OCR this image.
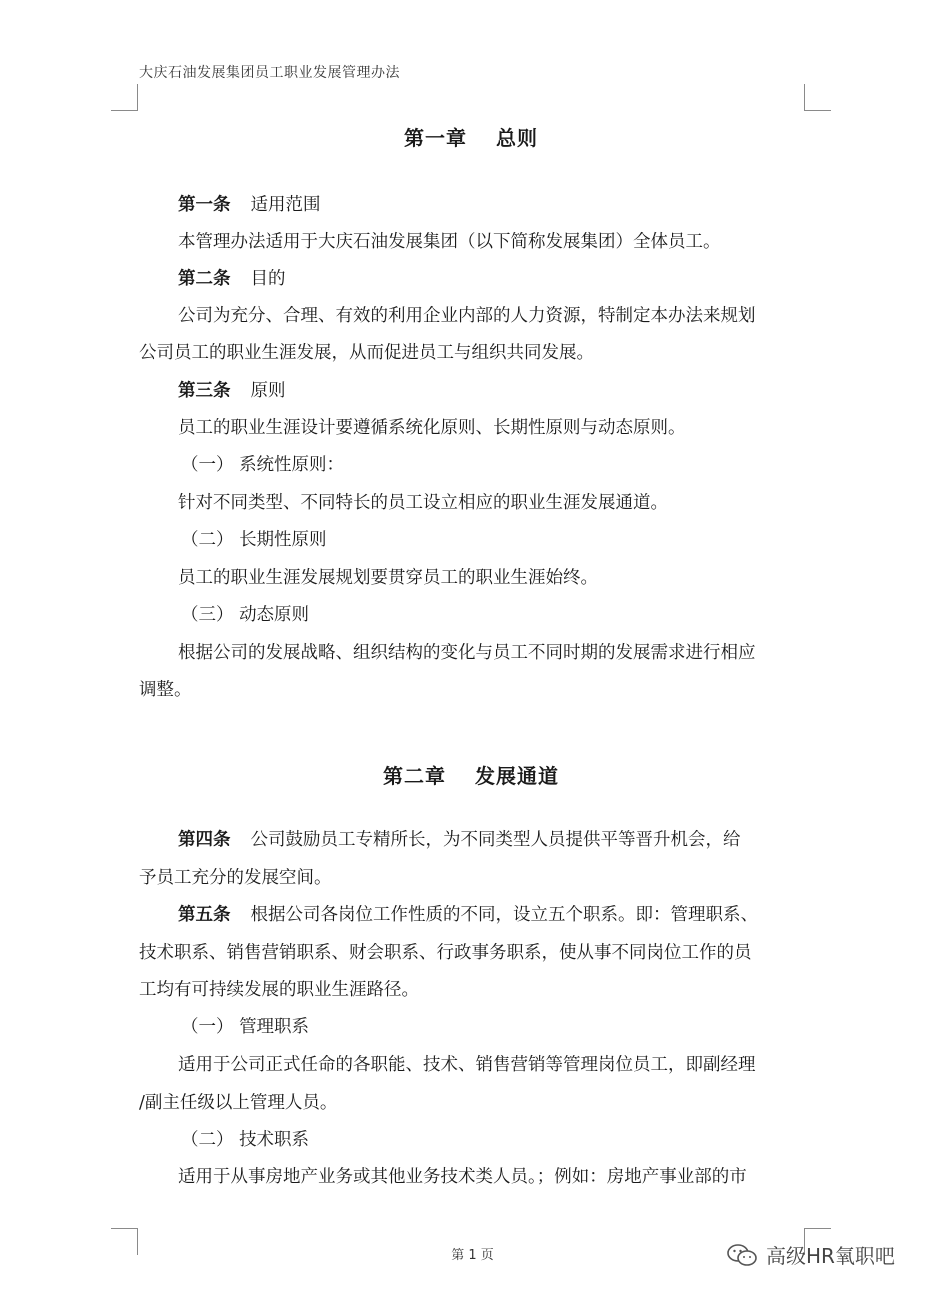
大庆石油发展集团员工职业发展管理办法
第一章　 总则
第一条 适用范围
本管理办法适用于大庆石油发展集团（以下简称发展集团）全体员工。
第二条 目的
公司为充分、合理、有效的利用企业内部的人力资源，特制定本办法来规划
公司员工的职业生涯发展，从而促进员工与组织共同发展。
第三条 原则
员工的职业生涯设计要遵循系统化原则、长期性原则与动态原则。
（一） 系统性原则：
针对不同类型、不同特长的员工设立相应的职业生涯发展通道。
（二） 长期性原则
员工的职业生涯发展规划要贯穿员工的职业生涯始终。
（三） 动态原则
根据公司的发展战略、组织结构的变化与员工不同时期的发展需求进行相应
调整。
第二章　 发展通道
第四条 公司鼓励员工专精所长，为不同类型人员提供平等晋升机会，给
予员工充分的发展空间。
第五条 根据公司各岗位工作性质的不同，设立五个职系。即：管理职系、
技术职系、销售营销职系、财会职系、行政事务职系，使从事不同岗位工作的员
工均有可持续发展的职业生涯路径。
（一） 管理职系
适用于公司正式任命的各职能、技术、销售营销等管理岗位员工，即副经理
/副主任级以上管理人员。
（二） 技术职系
适用于从事房地产业务或其他业务技术类人员。；例如：房地产事业部的市
第 1 页	高级HR氧职吧
